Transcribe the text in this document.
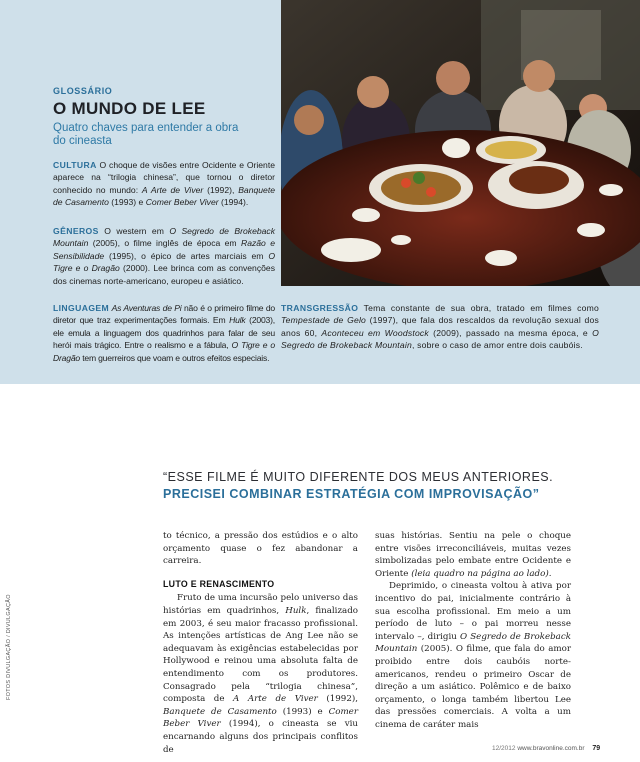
GLOSSÁRIO
O MUNDO DE LEE
Quatro chaves para entender a obra do cineasta
CULTURA O choque de visões entre Ocidente e Oriente aparece na “trilogia chinesa”, que tornou o diretor conhecido no mundo: A Arte de Viver (1992), Banquete de Casamento (1993) e Comer Beber Viver (1994).
GÊNEROS O western em O Segredo de Brokeback Mountain (2005), o filme inglês de época em Razão e Sensibilidade (1995), o épico de artes marciais em O Tigre e o Dragão (2000). Lee brinca com as convenções dos cinemas norte-americano, europeu e asiático.
LINGUAGEM As Aventuras de Pi não é o primeiro filme do diretor que traz experimentações formais. Em Hulk (2003), ele emula a linguagem dos quadrinhos para falar de seu herói mais trágico. Entre o realismo e a fábula, O Tigre e o Dragão tem guerreiros que voam e outros efeitos especiais.
TRANSGRESSÃO Tema constante de sua obra, tratado em filmes como Tempestade de Gelo (1997), que fala dos rescaldos da revolução sexual dos anos 60, Aconteceu em Woodstock (2009), passado na mesma época, e O Segredo de Brokeback Mountain, sobre o caso de amor entre dois caubóis.
“ESSE FILME É MUITO DIFERENTE DOS MEUS ANTERIORES.
PRECISEI COMBINAR ESTRATÉGIA COM IMPROVISAÇÃO”

to técnico, a pressão dos estúdios e o alto orçamento quase o fez abandonar a carreira.

LUTO E RENASCIMENTO

Fruto de uma incursão pelo universo das histórias em quadrinhos, Hulk, finalizado em 2003, é seu maior fracasso profissional. As intenções artísticas de Ang Lee não se adequavam às exigências estabelecidas por Hollywood e reinou uma absoluta falta de entendimento com os produtores. Consagrado pela “trilogia chinesa”, composta de A Arte de Viver (1992), Banquete de Casamento (1993) e Comer Beber Viver (1994), o cineasta se viu encarnando alguns dos principais conflitos de

suas histórias. Sentiu na pele o choque entre visões irreconciliáveis, muitas vezes simbolizadas pelo embate entre Ocidente e Oriente (leia quadro na página ao lado).

Deprimido, o cineasta voltou à ativa por incentivo do pai, inicialmente contrário à sua escolha profissional. Em meio a um período de luto – o pai morreu nesse intervalo –, dirigiu O Segredo de Brokeback Mountain (2005). O filme, que fala do amor proibido entre dois caubóis norte-americanos, rendeu o primeiro Oscar de direção a um asiático. Polêmico e de baixo orçamento, o longa também libertou Lee das pressões comerciais. A volta a um cinema de caráter mais

FOTOS DIVULGAÇÃO / DIVULGAÇÃO
12/2012 www.bravonline.com.br 79
